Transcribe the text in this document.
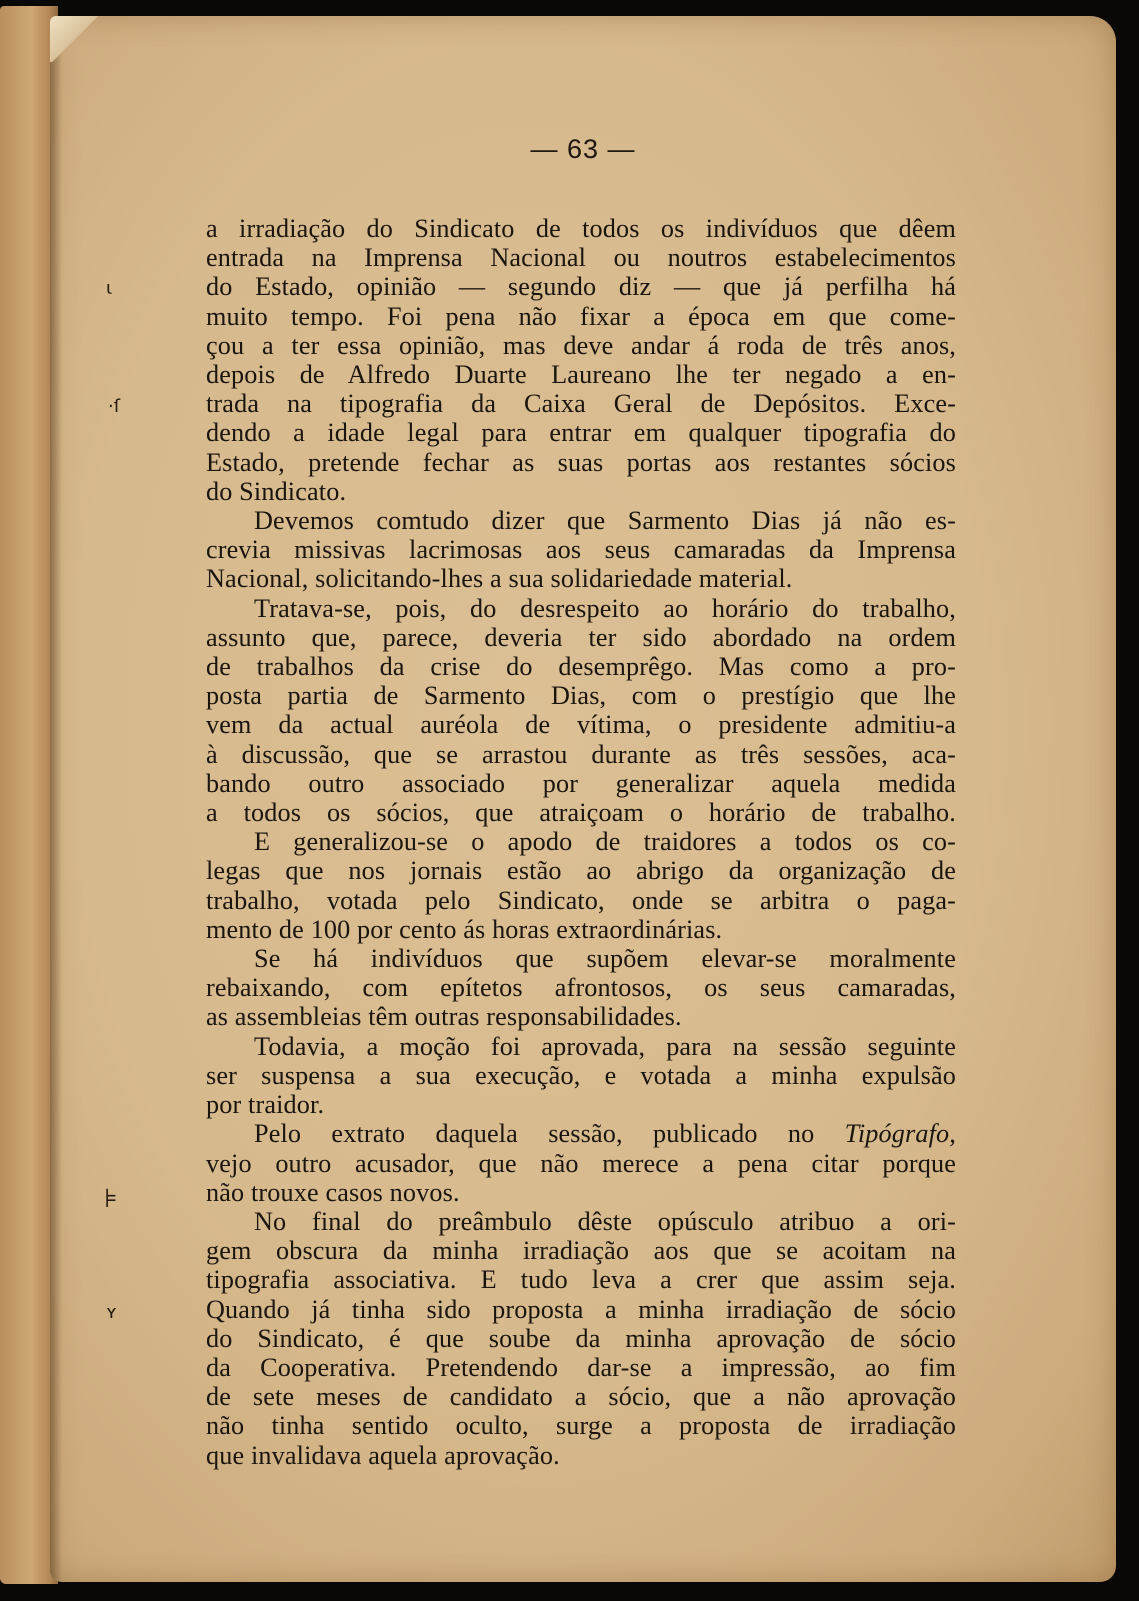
ι
·ſ
⊧
ʏ
— 63 —
a irradiação do Sindicato de todos os indivíduos que dêem
entrada na Imprensa Nacional ou noutros estabelecimentos
do Estado, opinião — segundo diz — que já perfilha há
muito tempo. Foi pena não fixar a época em que come-
çou a ter essa opinião, mas deve andar á roda de três anos,
depois de Alfredo Duarte Laureano lhe ter negado a en-
trada na tipografia da Caixa Geral de Depósitos. Exce-
dendo a idade legal para entrar em qualquer tipografia do
Estado, pretende fechar as suas portas aos restantes sócios
do Sindicato.
Devemos comtudo dizer que Sarmento Dias já não es-
crevia missivas lacrimosas aos seus camaradas da Imprensa
Nacional, solicitando-lhes a sua solidariedade material.
Tratava-se, pois, do desrespeito ao horário do trabalho,
assunto que, parece, deveria ter sido abordado na ordem
de trabalhos da crise do desemprêgo. Mas como a pro-
posta partia de Sarmento Dias, com o prestígio que lhe
vem da actual auréola de vítima, o presidente admitiu-a
à discussão, que se arrastou durante as três sessões, aca-
bando outro associado por generalizar aquela medida
a todos os sócios, que atraiçoam o horário de trabalho.
E generalizou-se o apodo de traidores a todos os co-
legas que nos jornais estão ao abrigo da organização de
trabalho, votada pelo Sindicato, onde se arbitra o paga-
mento de 100 por cento ás horas extraordinárias.
Se há indivíduos que supõem elevar-se moralmente
rebaixando, com epítetos afrontosos, os seus camaradas,
as assembleias têm outras responsabilidades.
Todavia, a moção foi aprovada, para na sessão seguinte
ser suspensa a sua execução, e votada a minha expulsão
por traidor.
Pelo extrato daquela sessão, publicado no Tipógrafo,
vejo outro acusador, que não merece a pena citar porque
não trouxe casos novos.
No final do preâmbulo dêste opúsculo atribuo a ori-
gem obscura da minha irradiação aos que se acoitam na
tipografia associativa. E tudo leva a crer que assim seja.
Quando já tinha sido proposta a minha irradiação de sócio
do Sindicato, é que soube da minha aprovação de sócio
da Cooperativa. Pretendendo dar-se a impressão, ao fim
de sete meses de candidato a sócio, que a não aprovação
não tinha sentido oculto, surge a proposta de irradiação
que invalidava aquela aprovação.
